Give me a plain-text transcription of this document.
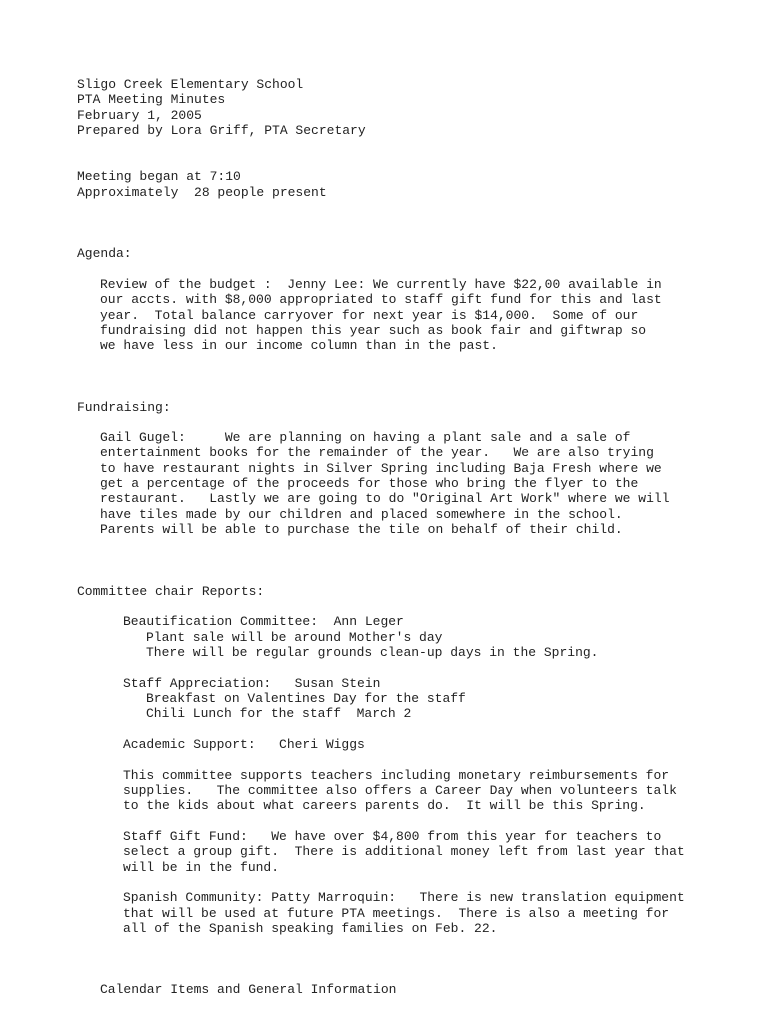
Sligo Creek Elementary School

PTA Meeting Minutes

February 1, 2005

Prepared by Lora Griff, PTA Secretary

Meeting began at 7:10

Approximately  28 people present

Agenda:

Review of the budget :  Jenny Lee: We currently have $22,00 available in

our accts. with $8,000 appropriated to staff gift fund for this and last

year.  Total balance carryover for next year is $14,000.  Some of our

fundraising did not happen this year such as book fair and giftwrap so

we have less in our income column than in the past.

Fundraising:

Gail Gugel:     We are planning on having a plant sale and a sale of

entertainment books for the remainder of the year.   We are also trying

to have restaurant nights in Silver Spring including Baja Fresh where we

get a percentage of the proceeds for those who bring the flyer to the

restaurant.   Lastly we are going to do "Original Art Work" where we will

have tiles made by our children and placed somewhere in the school.

Parents will be able to purchase the tile on behalf of their child.

Committee chair Reports:

Beautification Committee:  Ann Leger

Plant sale will be around Mother's day

There will be regular grounds clean-up days in the Spring.

Staff Appreciation:   Susan Stein

Breakfast on Valentines Day for the staff

Chili Lunch for the staff  March 2

Academic Support:   Cheri Wiggs

This committee supports teachers including monetary reimbursements for

supplies.   The committee also offers a Career Day when volunteers talk

to the kids about what careers parents do.  It will be this Spring.

Staff Gift Fund:   We have over $4,800 from this year for teachers to

select a group gift.  There is additional money left from last year that

will be in the fund.

Spanish Community: Patty Marroquin:   There is new translation equipment

that will be used at future PTA meetings.  There is also a meeting for

all of the Spanish speaking families on Feb. 22.

Calendar Items and General Information
